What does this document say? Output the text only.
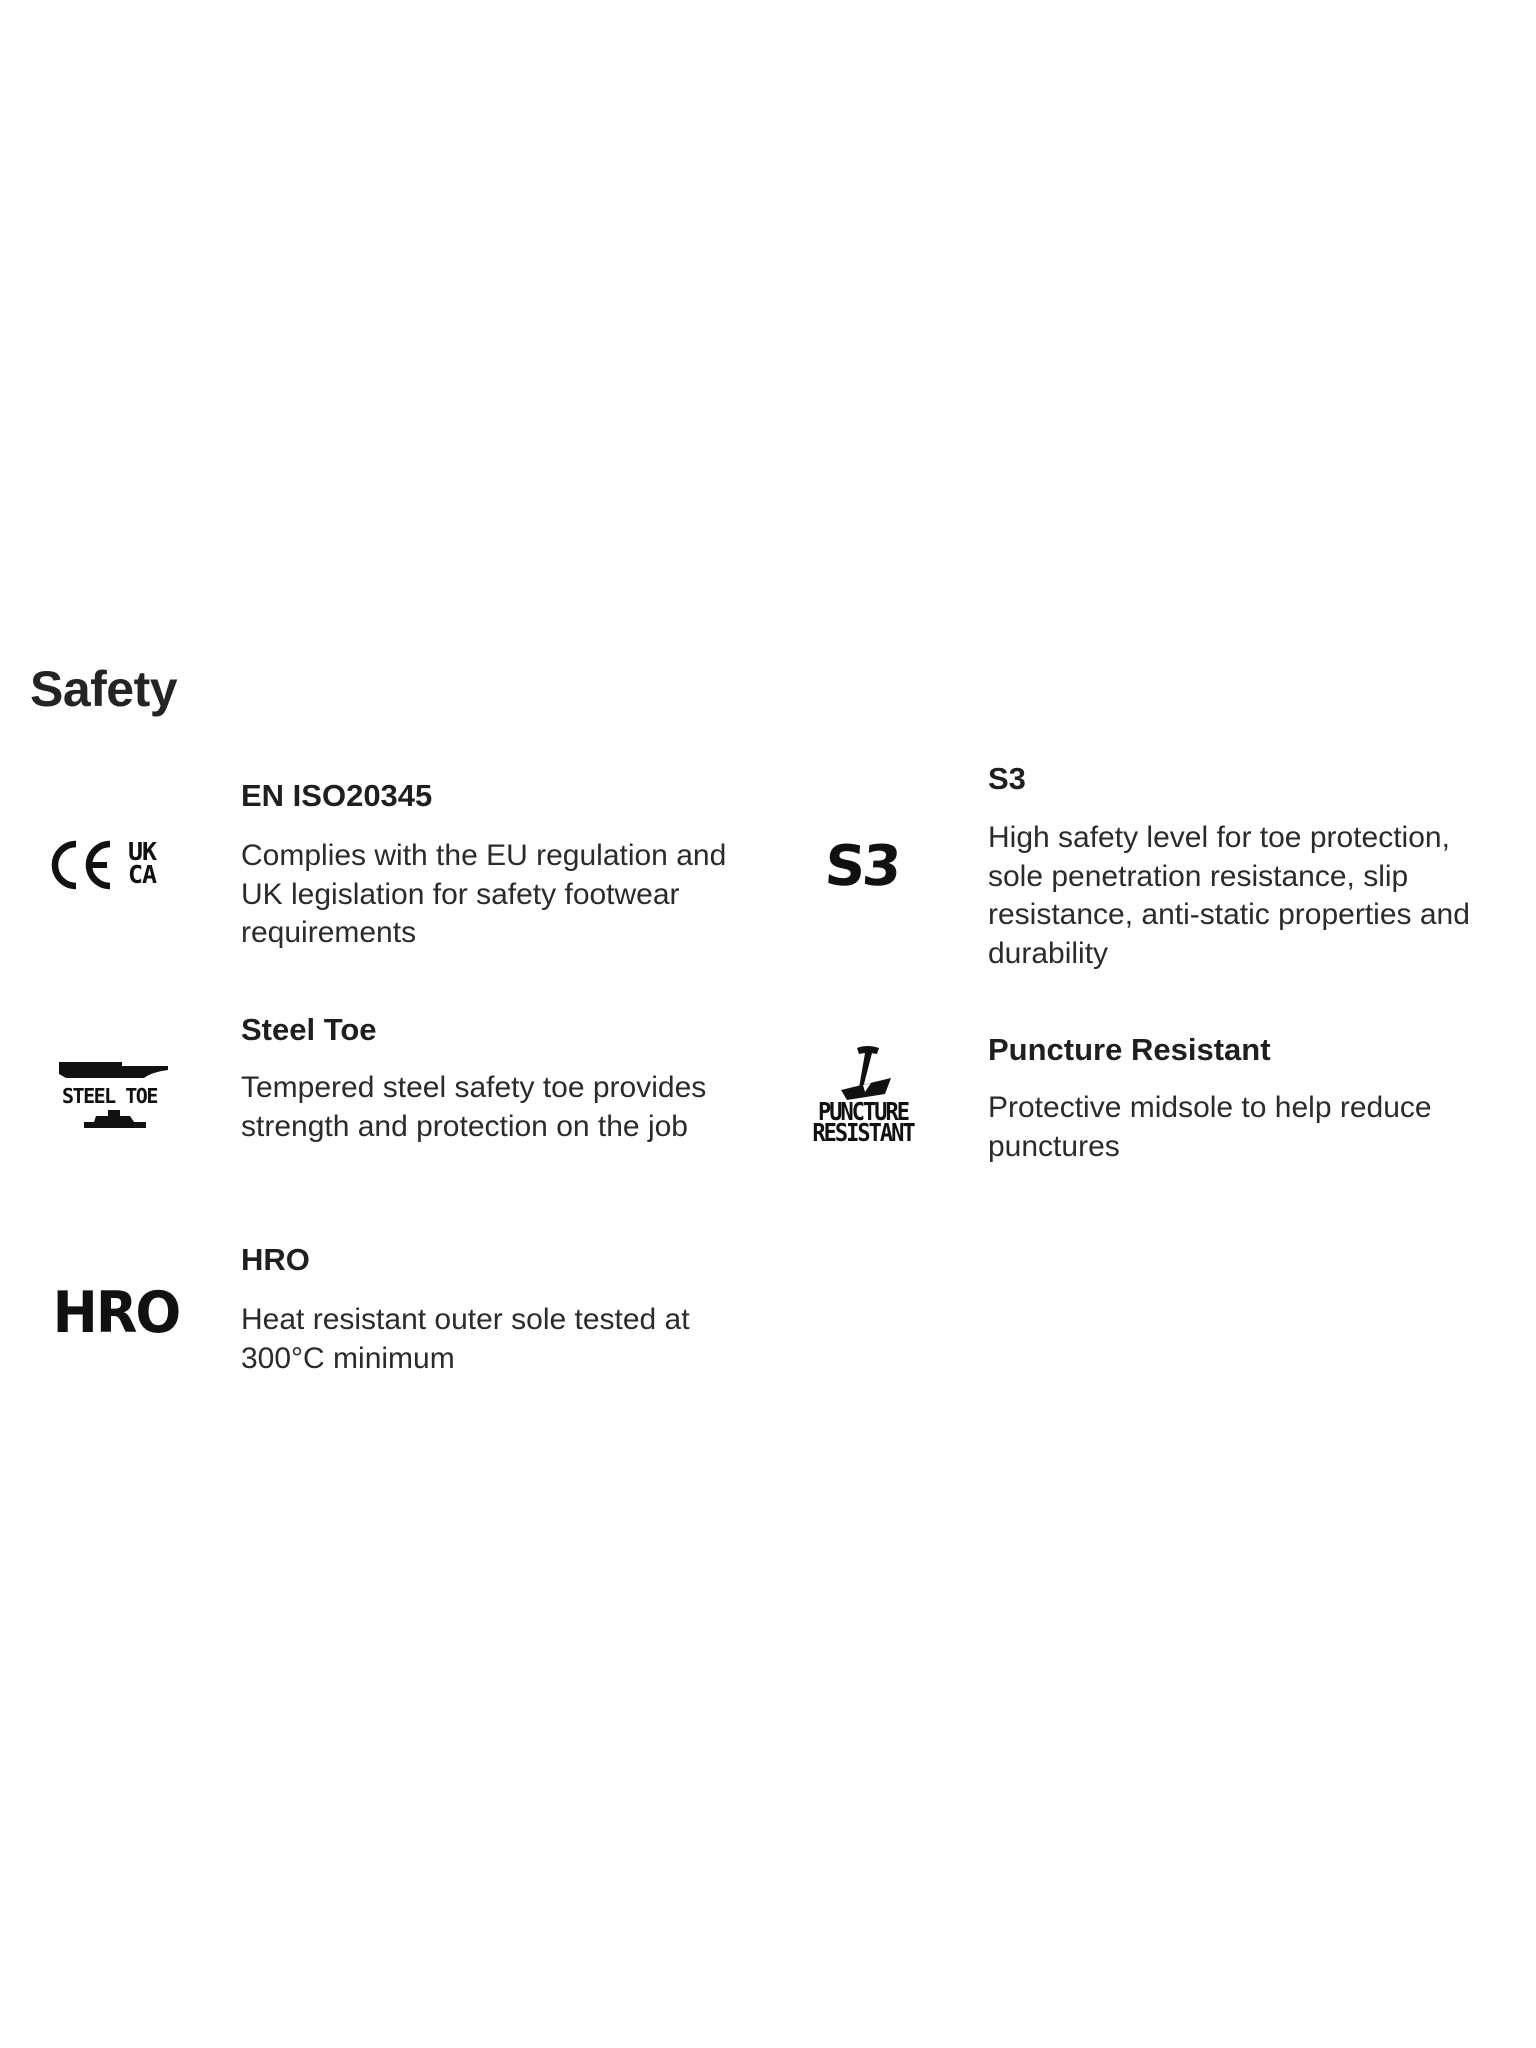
Safety
UK
CA
EN ISO20345

Complies with the EU regulation and UK legislation for safety footwear requirements

STEEL TOE
Steel Toe

Tempered steel safety toe provides strength and protection on the job

HRO
HRO

Heat resistant outer sole tested at 300°C minimum

S3
S3

High safety level for toe protection, sole penetration resistance, slip resistance, anti-static properties and durability

PUNCTURE
RESISTANT
Puncture Resistant

Protective midsole to help reduce punctures
